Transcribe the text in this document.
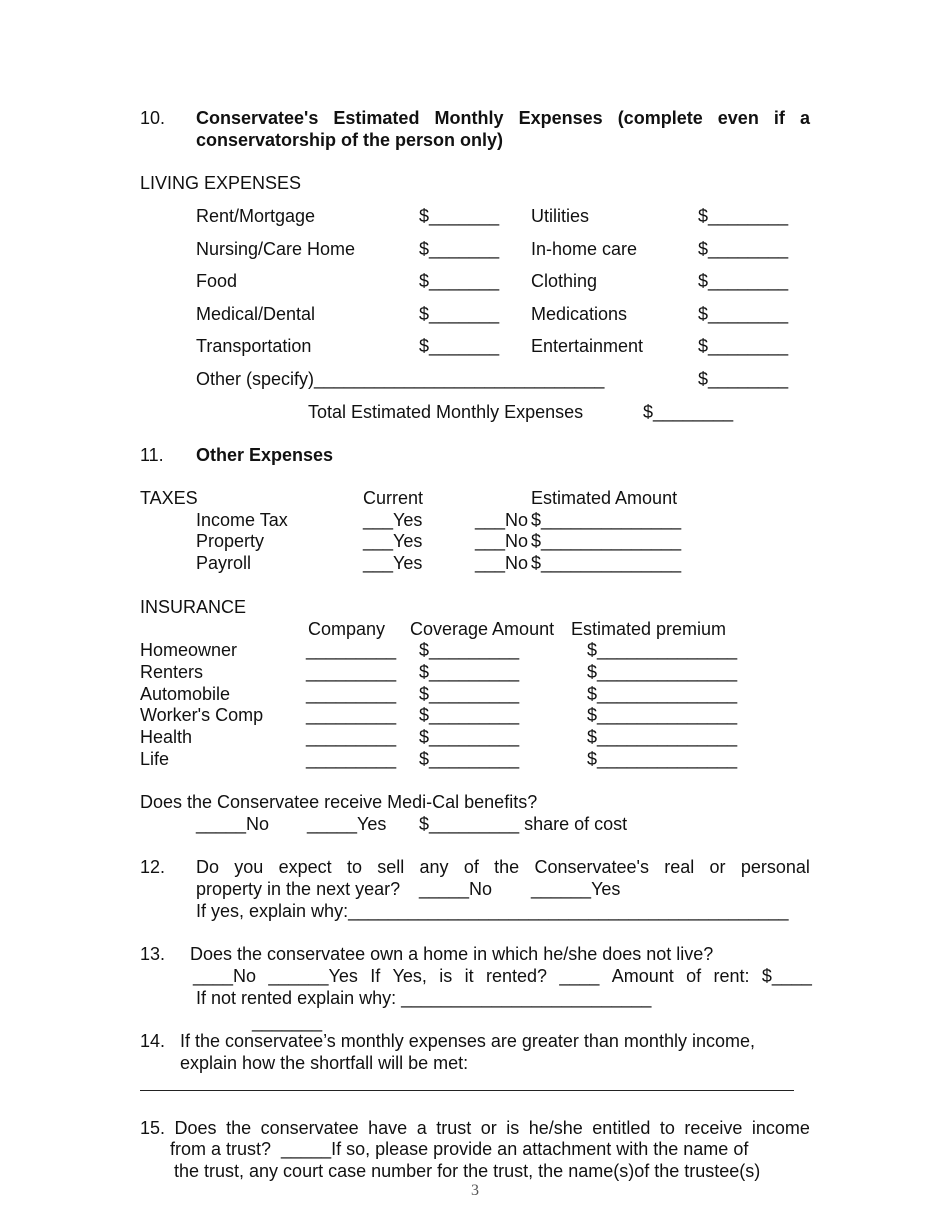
10. Conservatee's Estimated Monthly Expenses (complete even if a
conservatorship of the person only)
LIVING EXPENSES
Rent/Mortgage	$_______ Utilities	$________
Nursing/Care Home	$_______ In-home care	$________
Food	$_______ Clothing	$________
Medical/Dental	$_______ Medications	$________
Transportation	$_______ Entertainment	$________
Other (specify)_____________________________	$________
Total Estimated Monthly Expenses	$________
11. Other Expenses
TAXES	Current	Estimated Amount
Income Tax	___Yes	___No $______________
Property	___Yes	___No $______________
Payroll	___Yes	___No $______________
INSURANCE
Company Coverage Amount Estimated premium
Homeowner	_________ $_________	$______________
Renters	_________ $_________	$______________
Automobile	_________ $_________	$______________
Worker's Comp _________ $_________	$______________
Health	_________ $_________	$______________
Life	_________ $_________	$______________
Does the Conservatee receive Medi-Cal benefits?
_____No _____Yes $_________ share of cost
12. Do you expect to sell any of the Conservatee's real or personal
property in the next year? _____No ______Yes
If yes, explain why:____________________________________________
13. Does the conservatee own a home in which he/she does not live?
____No ______Yes If Yes, is it rented? ____ Amount of rent: $____
If not rented explain why: _________________________
_______
14. If the conservatee’s monthly expenses are greater than monthly income,
explain how the shortfall will be met:
15. Does the conservatee have a trust or is he/she entitled to receive income
from a trust?  _____If so, please provide an attachment with the name of
the trust, any court case number for the trust, the name(s)of the trustee(s)
3
